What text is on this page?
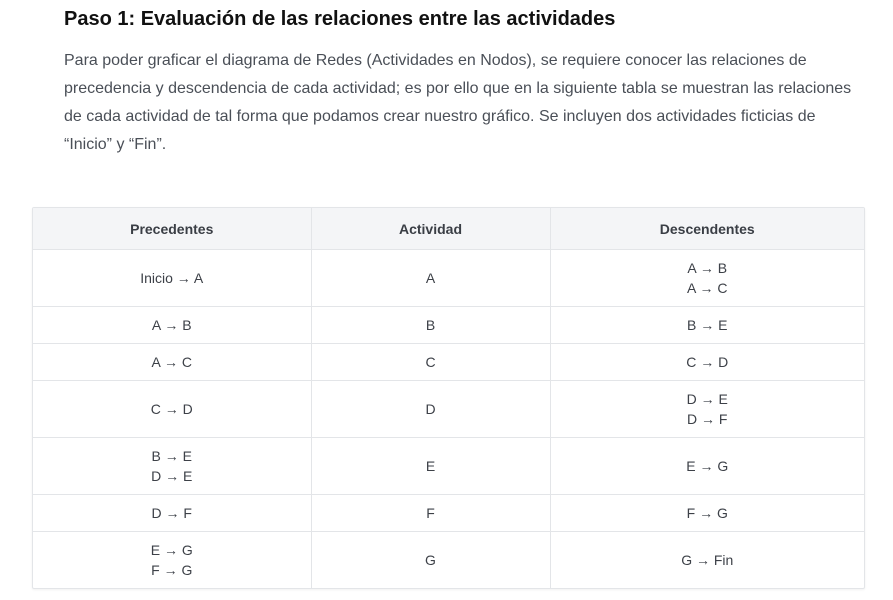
Paso 1: Evaluación de las relaciones entre las actividades

Para poder graficar el diagrama de Redes (Actividades en Nodos), se requiere conocer las relaciones de precedencia y descendencia de cada actividad; es por ello que en la siguiente tabla se muestran las relaciones de cada actividad de tal forma que podamos crear nuestro gráfico. Se incluyen dos actividades ficticias de “Inicio” y “Fin”.

Precedentes	Actividad	Descendentes

Inicio → A	A	A → B
A → C

A → B	B	B → E

A → C	C	C → D

C → D	D	D → E
D → F

B → E
D → E	E	E → G

D → F	F	F → G

E → G
F → G	G	G → Fin
